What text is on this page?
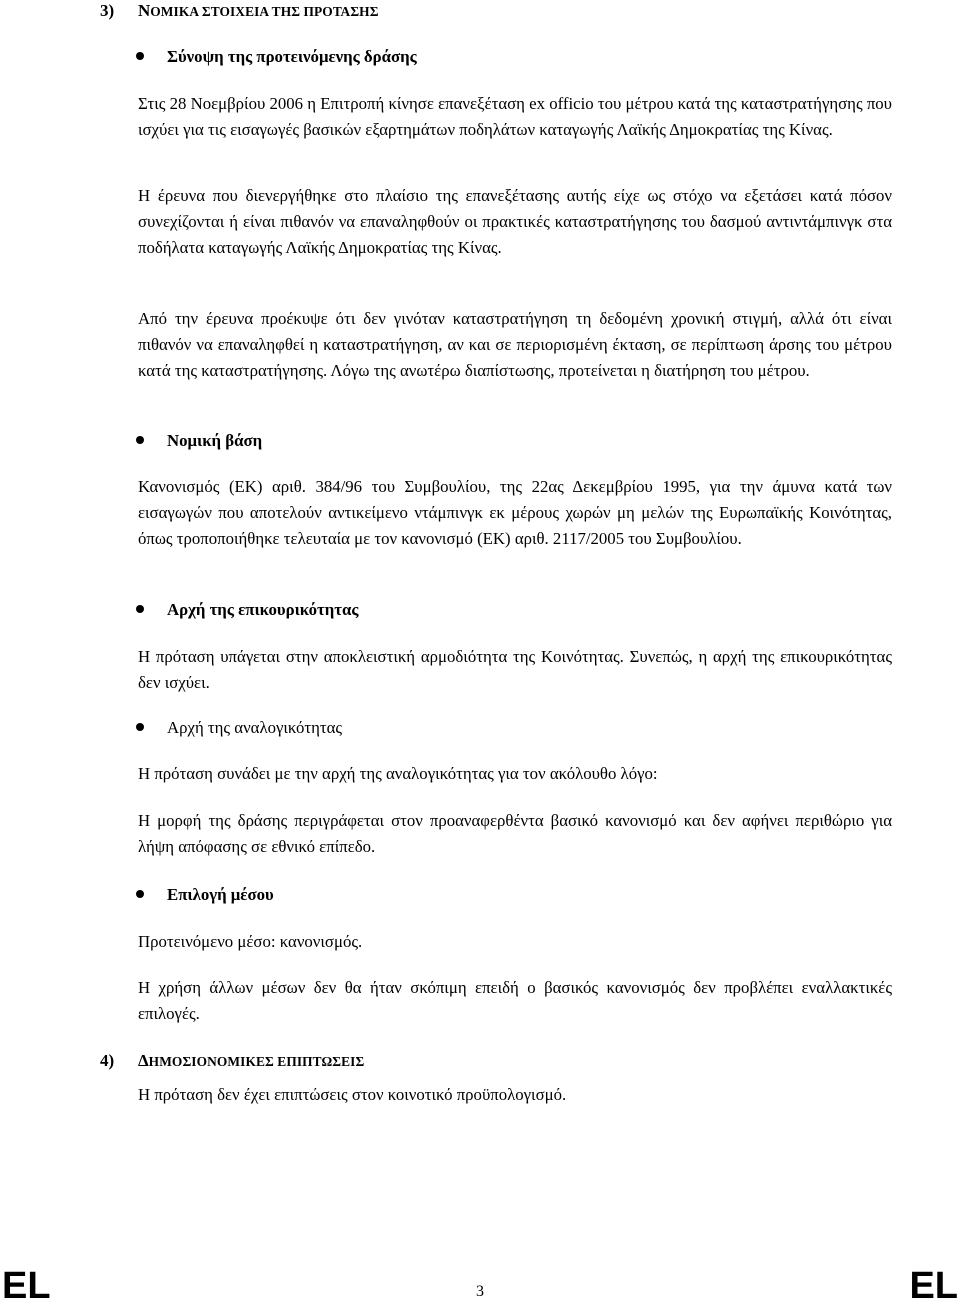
3) NΟΜΙΚΑ ΣΤΟΙΧΕΙΑ ΤΗΣ ΠΡΟΤΑΣΗΣ
Σύνοψη της προτεινόμενης δράσης

Στις 28 Νοεμβρίου 2006 η Επιτροπή κίνησε επανεξέταση ex officio του μέτρου κατά της καταστρατήγησης που ισχύει για τις εισαγωγές βασικών εξαρτημάτων ποδηλάτων καταγωγής Λαϊκής Δημοκρατίας της Κίνας.

Η έρευνα που διενεργήθηκε στο πλαίσιο της επανεξέτασης αυτής είχε ως στόχο να εξετάσει κατά πόσον συνεχίζονται ή είναι πιθανόν να επαναληφθούν οι πρακτικές καταστρατήγησης του δασμού αντιντάμπινγκ στα ποδήλατα καταγωγής Λαϊκής Δημοκρατίας της Κίνας.

Από την έρευνα προέκυψε ότι δεν γινόταν καταστρατήγηση τη δεδομένη χρονική στιγμή, αλλά ότι είναι πιθανόν να επαναληφθεί η καταστρατήγηση, αν και σε περιορισμένη έκταση, σε περίπτωση άρσης του μέτρου κατά της καταστρατήγησης. Λόγω της ανωτέρω διαπίστωσης, προτείνεται η διατήρηση του μέτρου.

Νομική βάση

Κανονισμός (ΕΚ) αριθ. 384/96 του Συμβουλίου, της 22ας Δεκεμβρίου 1995, για την άμυνα κατά των εισαγωγών που αποτελούν αντικείμενο ντάμπινγκ εκ μέρους χωρών μη μελών της Ευρωπαϊκής Κοινότητας, όπως τροποποιήθηκε τελευταία με τον κανονισμό (ΕΚ) αριθ. 2117/2005 του Συμβουλίου.

Αρχή της επικουρικότητας

Η πρόταση υπάγεται στην αποκλειστική αρμοδιότητα της Κοινότητας. Συνεπώς, η αρχή της επικουρικότητας δεν ισχύει.

Αρχή της αναλογικότητας

Η πρόταση συνάδει με την αρχή της αναλογικότητας για τον ακόλουθο λόγο:

Η μορφή της δράσης περιγράφεται στον προαναφερθέντα βασικό κανονισμό και δεν αφήνει περιθώριο για λήψη απόφασης σε εθνικό επίπεδο.

Επιλογή μέσου

Προτεινόμενο μέσο: κανονισμός.

Η χρήση άλλων μέσων δεν θα ήταν σκόπιμη επειδή ο βασικός κανονισμός δεν προβλέπει εναλλακτικές επιλογές.

4) ΔΗΜΟΣΙΟΝΟΜΙΚΕΣ ΕΠΙΠΤΩΣΕΙΣ

Η πρόταση δεν έχει επιπτώσεις στον κοινοτικό προϋπολογισμό.

EL	3	EL
